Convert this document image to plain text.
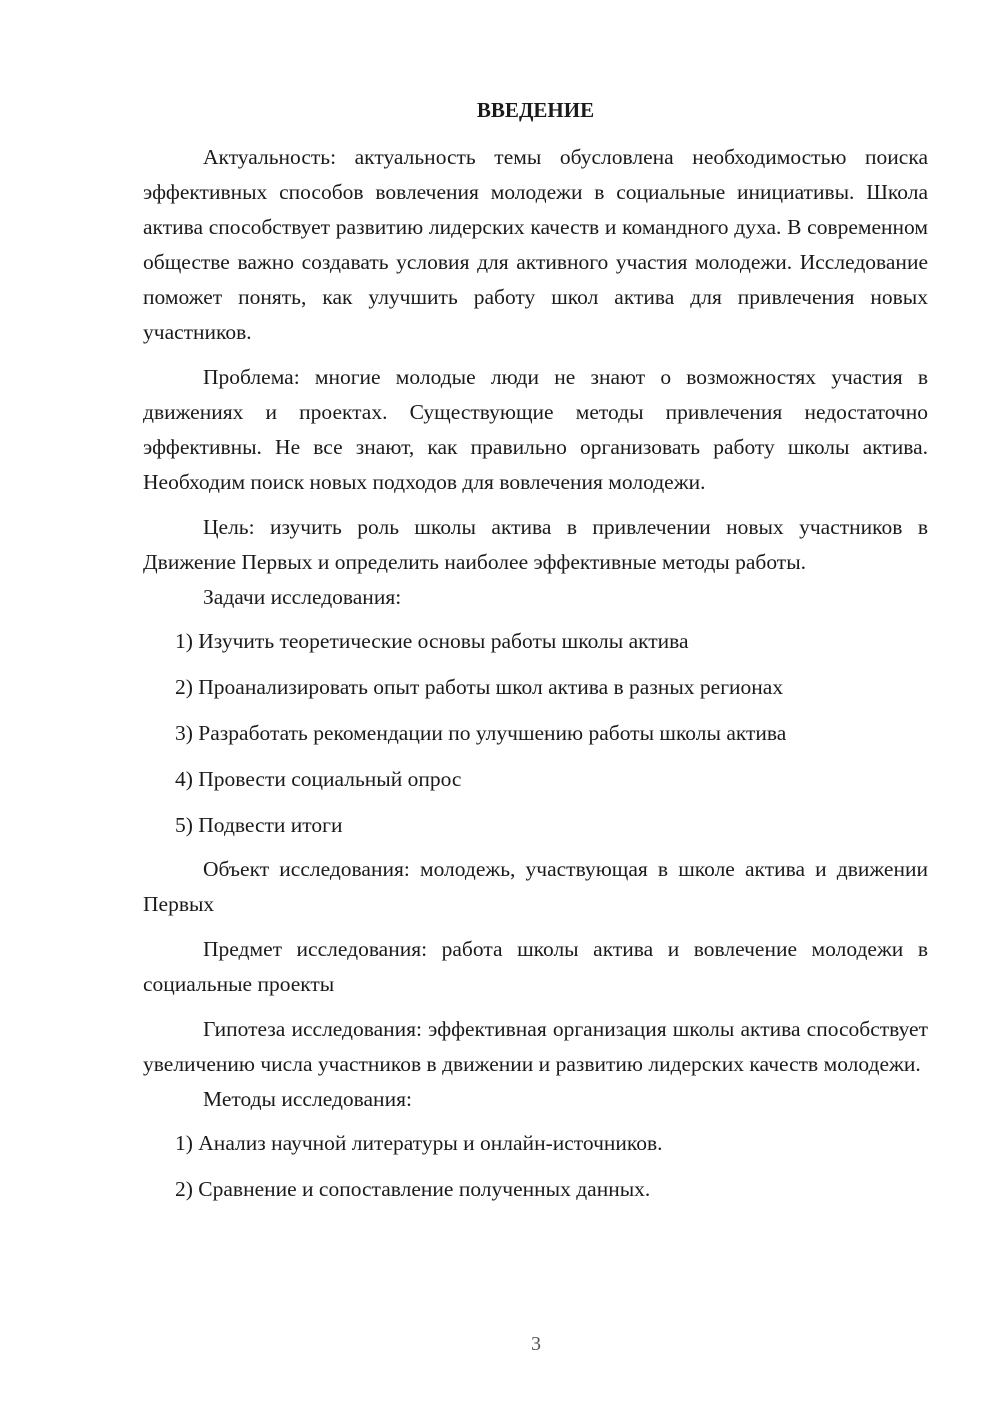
ВВЕДЕНИЕ

Актуальность: актуальность темы обусловлена необходимостью поиска эффективных способов вовлечения молодежи в социальные инициативы. Школа актива способствует развитию лидерских качеств и командного духа. В современном обществе важно создавать условия для активного участия молодежи. Исследование поможет понять, как улучшить работу школ актива для привлечения новых участников.

Проблема: многие молодые люди не знают о возможностях участия в движениях и проектах. Существующие методы привлечения недостаточно эффективны. Не все знают, как правильно организовать работу школы актива. Необходим поиск новых подходов для вовлечения молодежи.

Цель: изучить роль школы актива в привлечении новых участников в Движение Первых и определить наиболее эффективные методы работы.

Задачи исследования:

1) Изучить теоретические основы работы школы актива

2) Проанализировать опыт работы школ актива в разных регионах

3) Разработать рекомендации по улучшению работы школы актива

4) Провести социальный опрос

5) Подвести итоги

Объект исследования: молодежь, участвующая в школе актива и движении Первых

Предмет исследования: работа школы актива и вовлечение молодежи в социальные проекты

Гипотеза исследования: эффективная организация школы актива способствует увеличению числа участников в движении и развитию лидерских качеств молодежи.

Методы исследования:

1) Анализ научной литературы и онлайн-источников.

2) Сравнение и сопоставление полученных данных.

3
